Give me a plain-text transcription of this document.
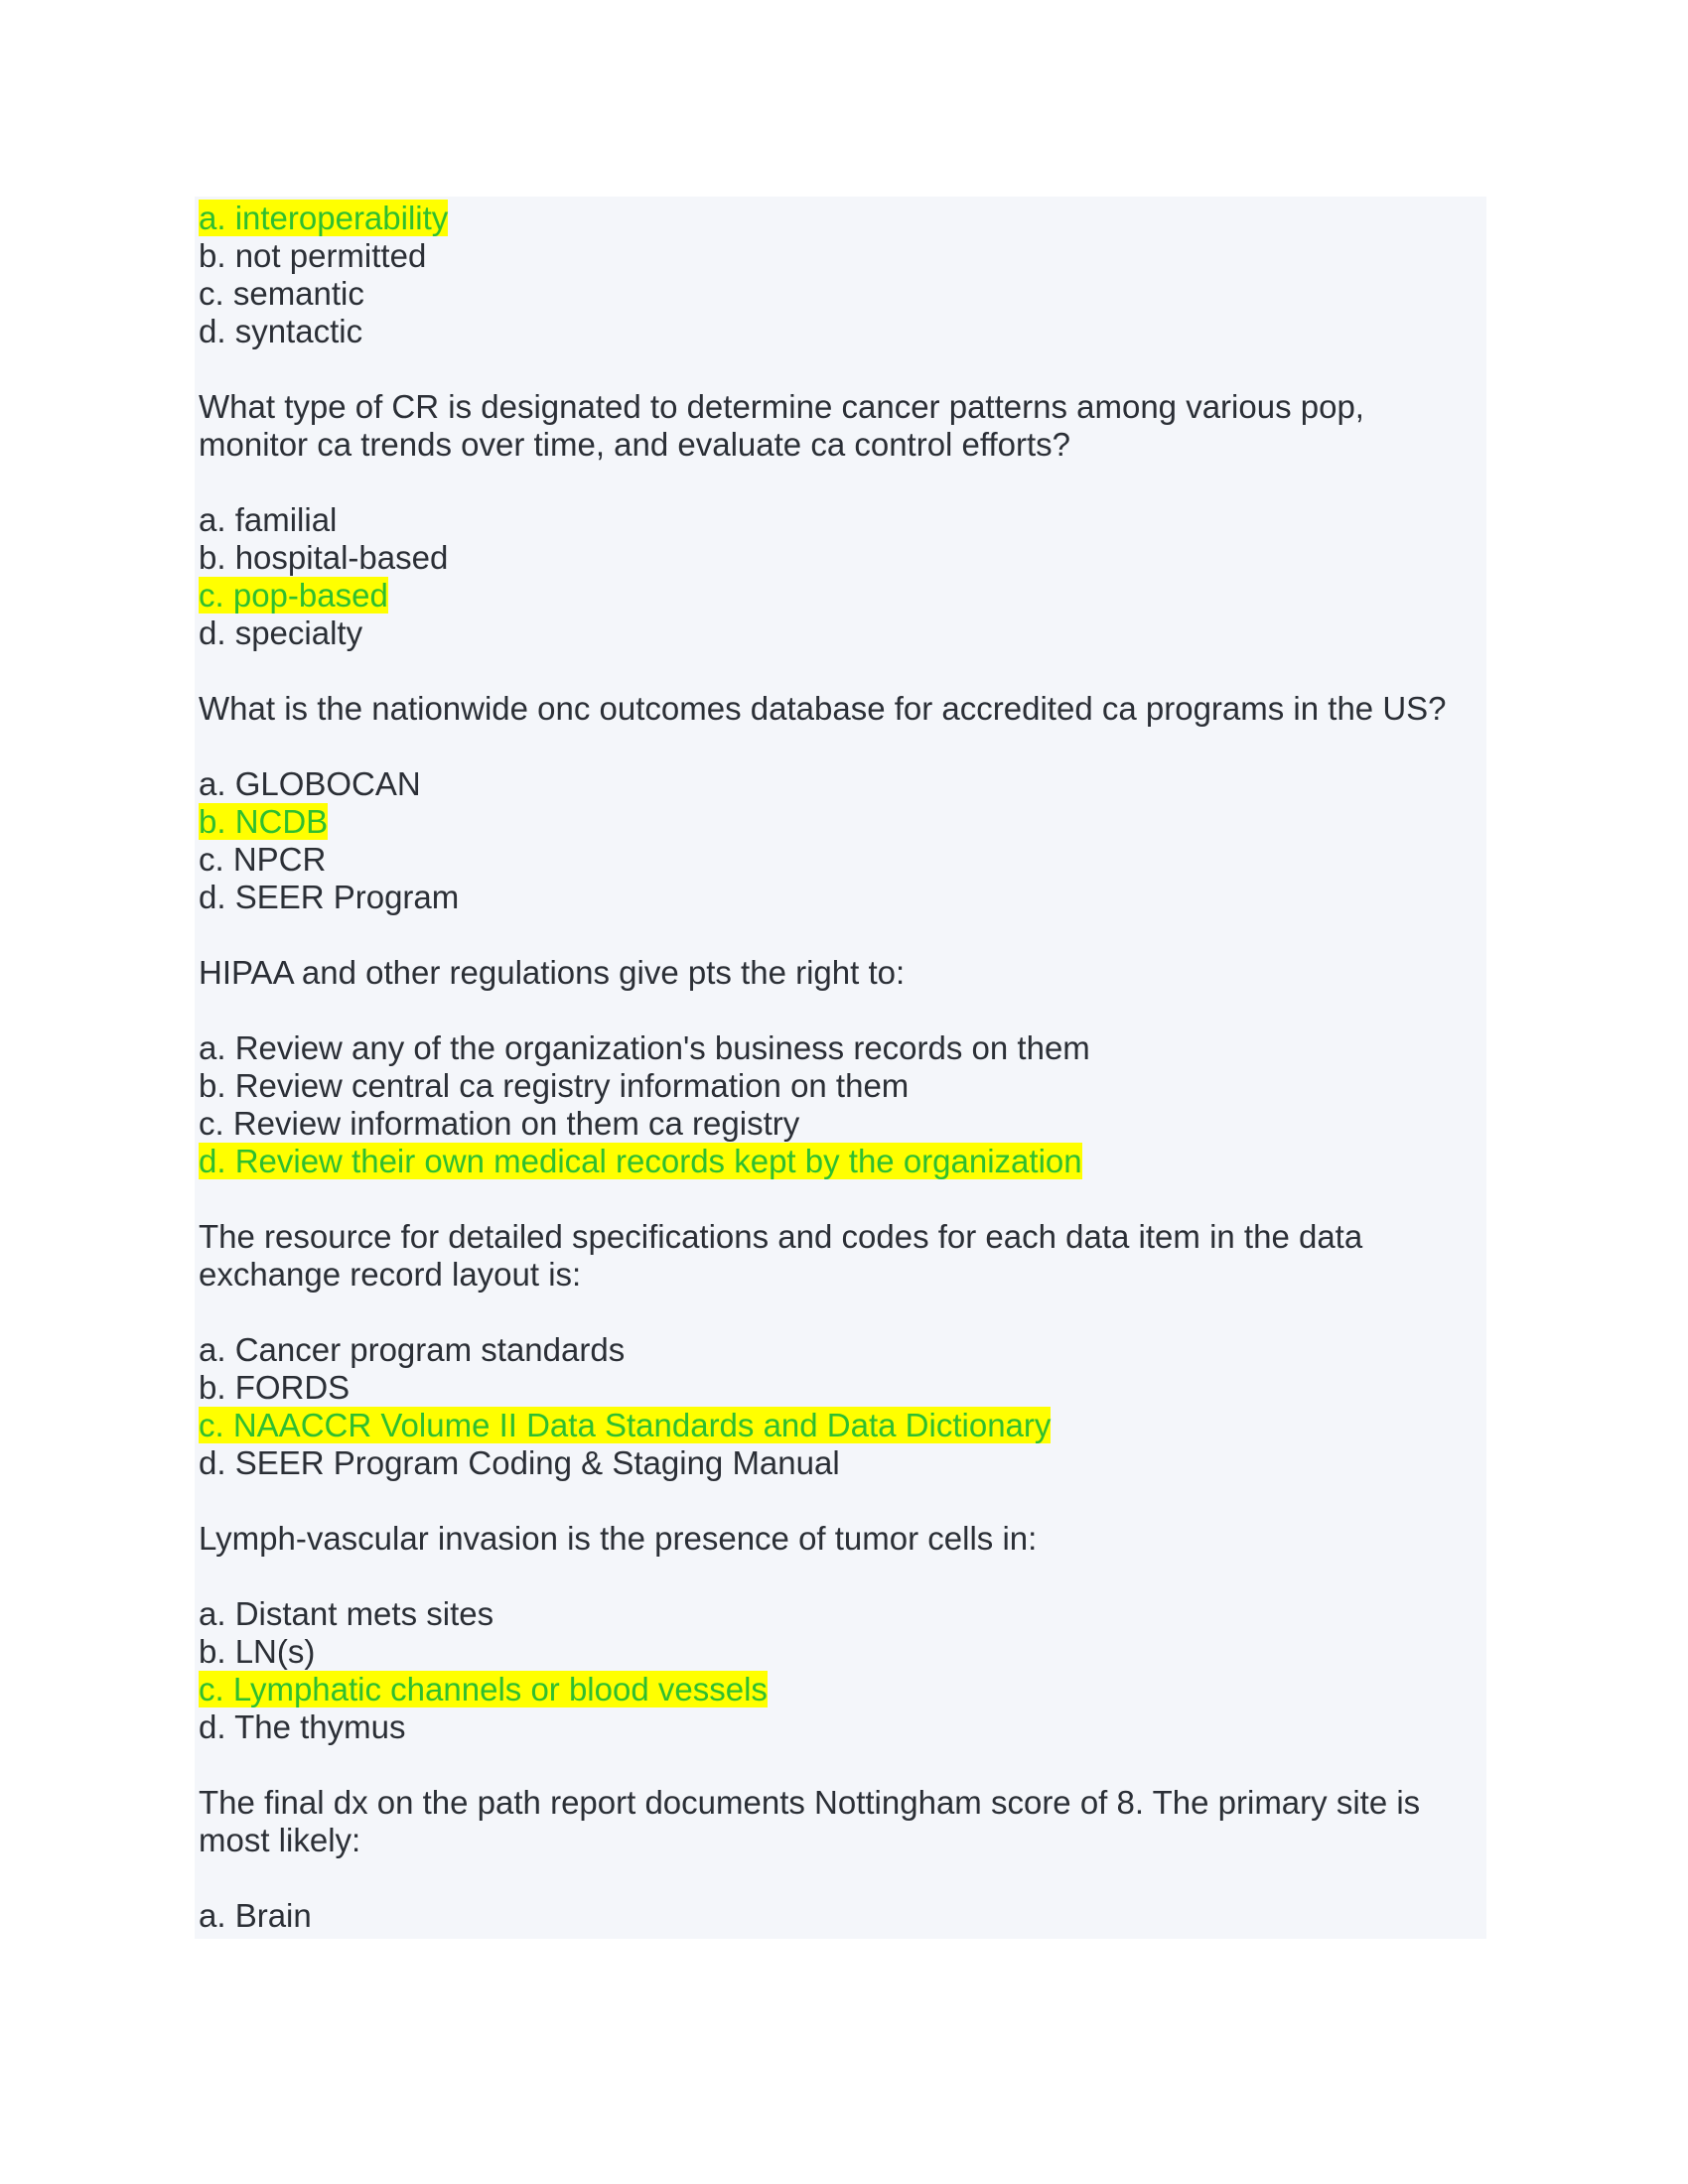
a. interoperability
b. not permitted
c. semantic
d. syntactic
What type of CR is designated to determine cancer patterns among various pop,
monitor ca trends over time, and evaluate ca control efforts?
a. familial
b. hospital-based
c. pop-based
d. specialty
What is the nationwide onc outcomes database for accredited ca programs in the US?
a. GLOBOCAN
b. NCDB
c. NPCR
d. SEER Program
HIPAA and other regulations give pts the right to:
a. Review any of the organization's business records on them
b. Review central ca registry information on them
c. Review information on them ca registry
d. Review their own medical records kept by the organization
The resource for detailed specifications and codes for each data item in the data
exchange record layout is:
a. Cancer program standards
b. FORDS
c. NAACCR Volume II Data Standards and Data Dictionary
d. SEER Program Coding & Staging Manual
Lymph-vascular invasion is the presence of tumor cells in:
a. Distant mets sites
b. LN(s)
c. Lymphatic channels or blood vessels
d. The thymus
The final dx on the path report documents Nottingham score of 8. The primary site is
most likely:
a. Brain
